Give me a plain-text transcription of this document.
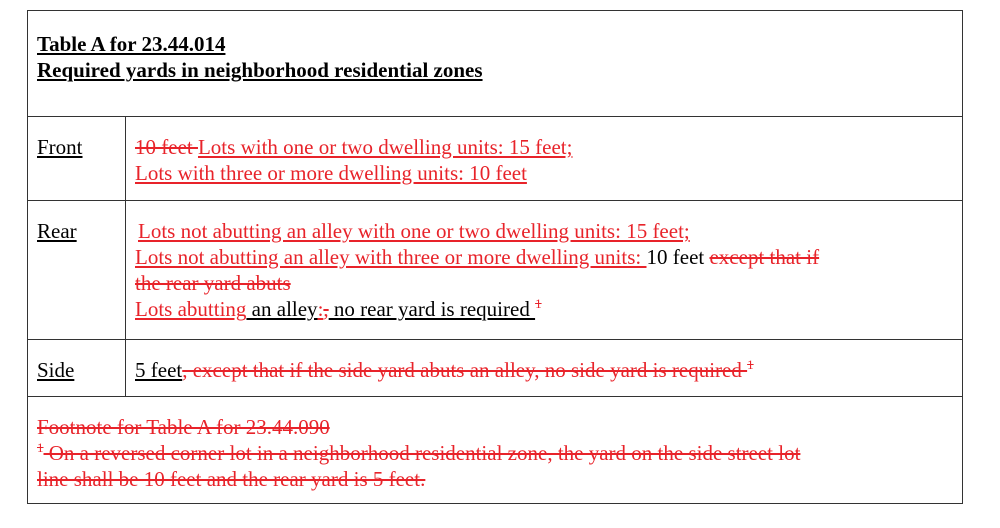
Table A for 23.44.014
Required yards in neighborhood residential zones
Front 10 feet Lots with one or two dwelling units: 15 feet;
Lots with three or more dwelling units: 10 feet
Rear	Lots not abutting an alley with one or two dwelling units: 15 feet;
Lots not abutting an alley with three or more dwelling units: 10 feet except that if
the rear yard abuts
Lots abutting an alley:, no rear yard is required $^1$
Side	5 feet, except that if the side yard abuts an alley, no side yard is required $^1$
Footnote for Table A for 23.44.090
$^1$ On a reversed corner lot in a neighborhood residential zone, the yard on the side street lot
line shall be 10 feet and the rear yard is 5 feet.
